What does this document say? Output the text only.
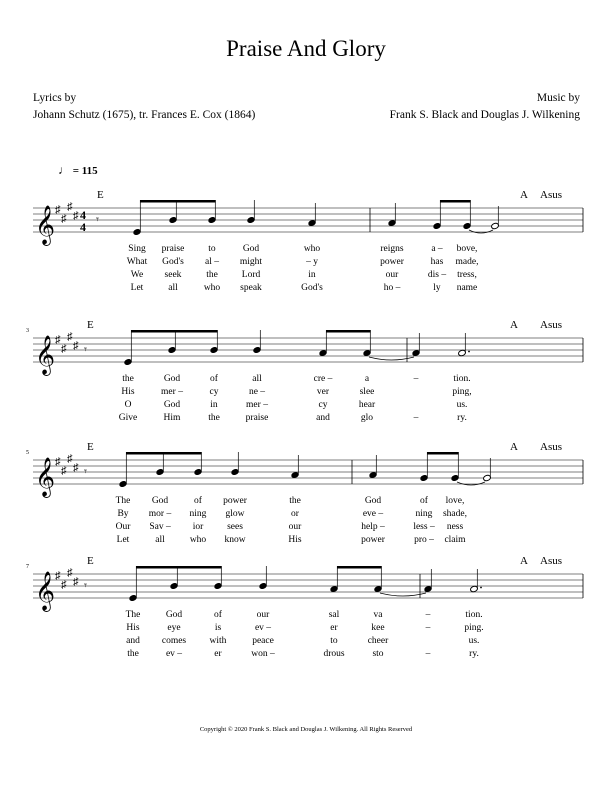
Praise And Glory
Lyrics by
Johann Schutz (1675), tr. Frances E. Cox (1864)
Music by
Frank S. Black and Douglas J. Wilkening
♩ = 115
𝄞 ♯
♯
♯
♯ 4
4 𝄾
E	A Asus
Sing praise	to	God	who	reigns	a – bove,
What God's al – might	– y	power	has made,
We seek	the	Lord	in	our	dis – tress,
Let	all	who speak	God's	ho –	ly name
3
𝄞 ♯
♯
♯
♯ 𝄾
E	A Asus
the	God	of	all	cre –	a	–	tion.
His	mer –	cy	ne –	ver	slee	ping,
O	God	in	mer –	cy	hear	us.
Give	Him	the	praise	and	glo	–	ry.
5
𝄞 ♯
♯
♯
♯ 𝄾
E	A Asus
The God	of power	the	God	of love,
By mor – ning glow	or	eve –	ning shade,
Our Sav – ior	sees	our	help –	less – ness
Let	all	who know	His	power	pro – claim
7
𝄞 ♯
♯
♯
♯ 𝄾
E	A Asus
The	God	of	our	sal	va	–	tion.
His	eye	is	ev –	er	kee	–	ping.
and comes with	peace	to	cheer	us.
the	ev –	er	won –	drous	sto	–	ry.
Copyright © 2020 Frank S. Black and Douglas J. Wilkening. All Rights Reserved
